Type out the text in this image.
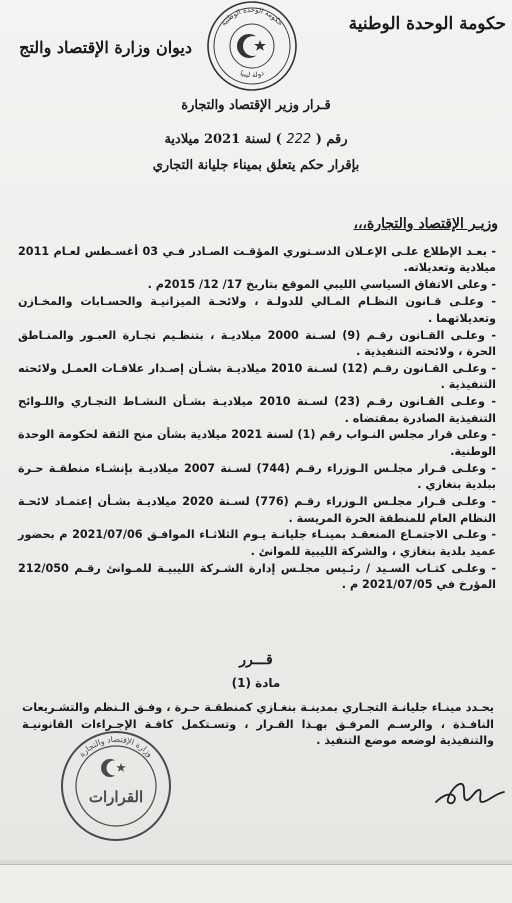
حكومة الوحدة الوطنية
ديوان وزارة الإقتصاد والتج
حكومة الوحدة الوطنية
دولة ليبيا
قـرار وزير الإقتصاد والتجارة
رقم ( 222 ) لسنة 2021 ميلادية
بإقرار حكم يتعلق بميناء جليانة التجاري
وزيـر الإقتصاد والتجارة،،،

- بعـد الإطلاع علـى الإعـلان الدسـتوري المؤقـت الصـادر فـي 03 أغسـطس لعـام 2011 ميلادية وتعديلاته.

- وعلى الاتفاق السياسي الليبي الموقع بتاريخ 17/ 12/ 2015م .

- وعلـى قـانون النظـام المـالي للدولـة ، ولائحـة الميزانيـة والحسـابات والمخـازن وتعديلاتهما .

- وعلـى القـانون رقـم (9) لسـنة 2000 ميلاديـة ، بتنظـيم تجـارة العبـور والمنـاطق الحرة ، ولائحته التنفيذية .

- وعلـى القـانون رقـم (12) لسـنة 2010 ميلاديـة بشـأن إصـدار علاقـات العمـل ولائحته التنفيذية .

- وعلـى القـانون رقـم (23) لسـنة 2010 ميلاديـة بشـأن النشـاط التجـاري واللـوائح التنفيذية الصادرة بمقتضاه .

- وعلى قرار مجلس النـواب رقم (1) لسنة 2021 ميلادية بشأن منح الثقة لحكومة الوحدة الوطنية.

- وعلـى قـرار مجلـس الـوزراء رقـم (744) لسـنة 2007 ميلاديـة بإنشـاء منطقـة حـرة ببلدية بنغازي .

- وعلـى قـرار مجلـس الـوزراء رقـم (776) لسـنة 2020 ميلاديـة بشـأن إعتمـاد لائحـة النظام العام للمنطقة الحرة المريسة .

- وعلـى الاجتمـاع المنعقـد بمينـاء جليانـة يـوم الثلاثـاء الموافـق 2021/07/06 م بحضور عميد بلدية بنغازي ، والشركة الليبية للموانئ .

- وعلـى كتـاب السـيد / رئـيس مجلـس إدارة الشـركة الليبيـة للمـوانئ رقـم 212/050 المؤرخ في 2021/07/05 م .

قـــرر
مادة (1)
يحـدد مينـاء جليانـة التجـاري بمدينـة بنغـازي كمنطقـة حـرة ، وفـق الـنظم والتشـريعات النافـذة ، والرسـم المرفـق بهـذا القـرار ، وتسـتكمل كافـة الإجـراءات القانونيـة والتنفيذية لوضعه موضع التنفيذ .
القرارات
وزارة الإقتصاد والتجارة
